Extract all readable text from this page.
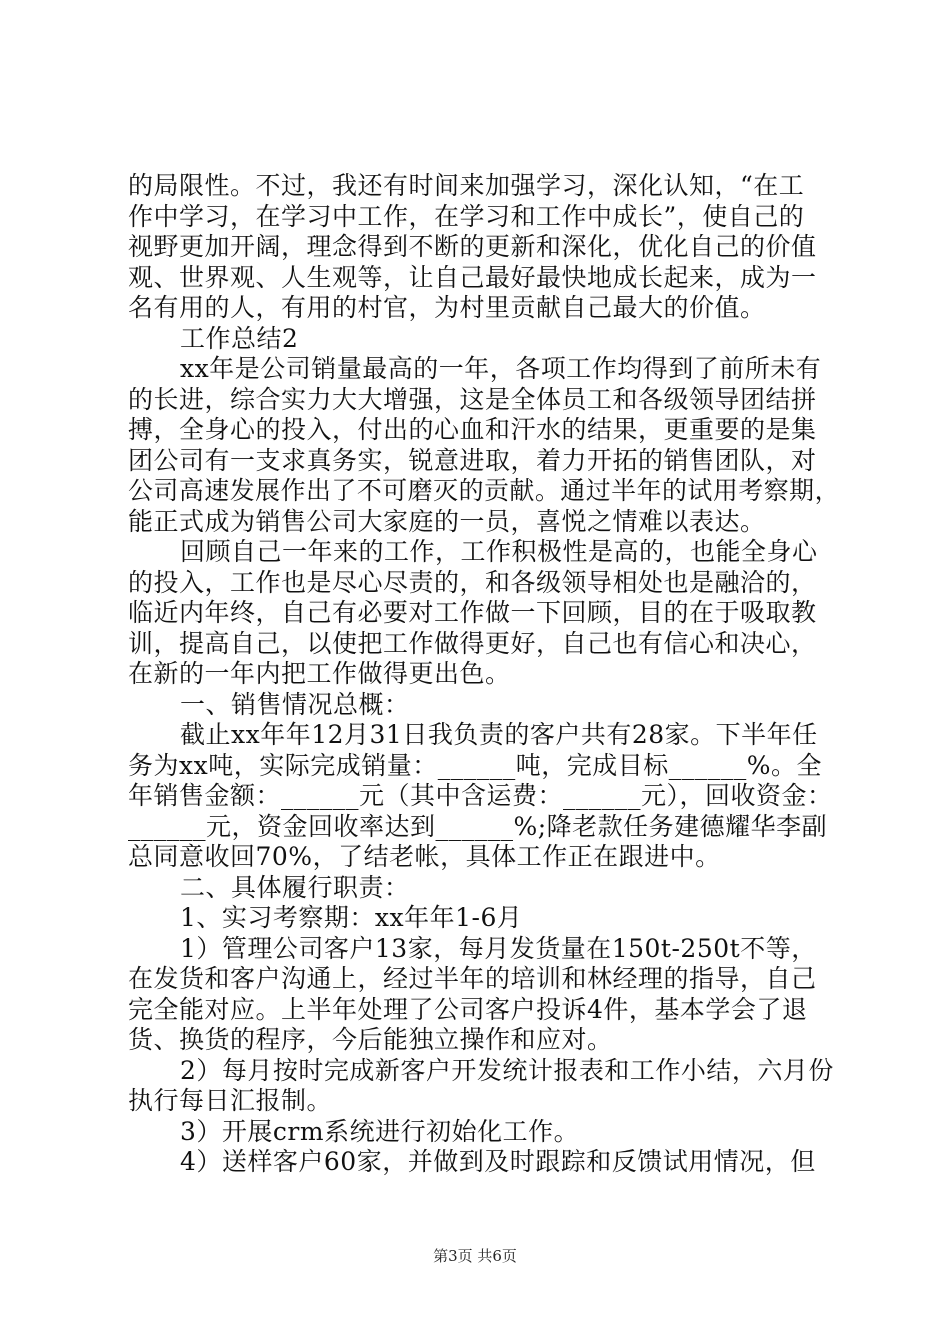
的局限性。不过，我还有时间来加强学习，深化认知，“在工
作中学习，在学习中工作，在学习和工作中成长”，使自己的
视野更加开阔，理念得到不断的更新和深化，优化自己的价值
观、世界观、人生观等，让自己最好最快地成长起来，成为一
名有用的人，有用的村官，为村里贡献自己最大的价值。
工作总结2
xx年是公司销量最高的一年，各项工作均得到了前所未有
的长进，综合实力大大增强，这是全体员工和各级领导团结拼
搏，全身心的投入，付出的心血和汗水的结果，更重要的是集
团公司有一支求真务实，锐意进取，着力开拓的销售团队，对
公司高速发展作出了不可磨灭的贡献。通过半年的试用考察期，
能正式成为销售公司大家庭的一员，喜悦之情难以表达。
回顾自己一年来的工作，工作积极性是高的，也能全身心
的投入，工作也是尽心尽责的，和各级领导相处也是融洽的，
临近内年终，自己有必要对工作做一下回顾，目的在于吸取教
训，提高自己，以使把工作做得更好，自己也有信心和决心，
在新的一年内把工作做得更出色。
一、销售情况总概：
截止xx年年12月31日我负责的客户共有28家。下半年任
务为xx吨，实际完成销量：______吨，完成目标______%。全
年销售金额：______元（其中含运费：______元），回收资金：
______元，资金回收率达到______%;降老款任务建德耀华李副
总同意收回70%，了结老帐，具体工作正在跟进中。
二、具体履行职责：
1、实习考察期：xx年年1-6月
1）管理公司客户13家，每月发货量在150t-250t不等，
在发货和客户沟通上，经过半年的培训和林经理的指导，自己
完全能对应。上半年处理了公司客户投诉4件，基本学会了退
货、换货的程序，今后能独立操作和应对。
2）每月按时完成新客户开发统计报表和工作小结，六月份
执行每日汇报制。
3）开展crm系统进行初始化工作。
4）送样客户60家，并做到及时跟踪和反馈试用情况，但
第3页 共6页
